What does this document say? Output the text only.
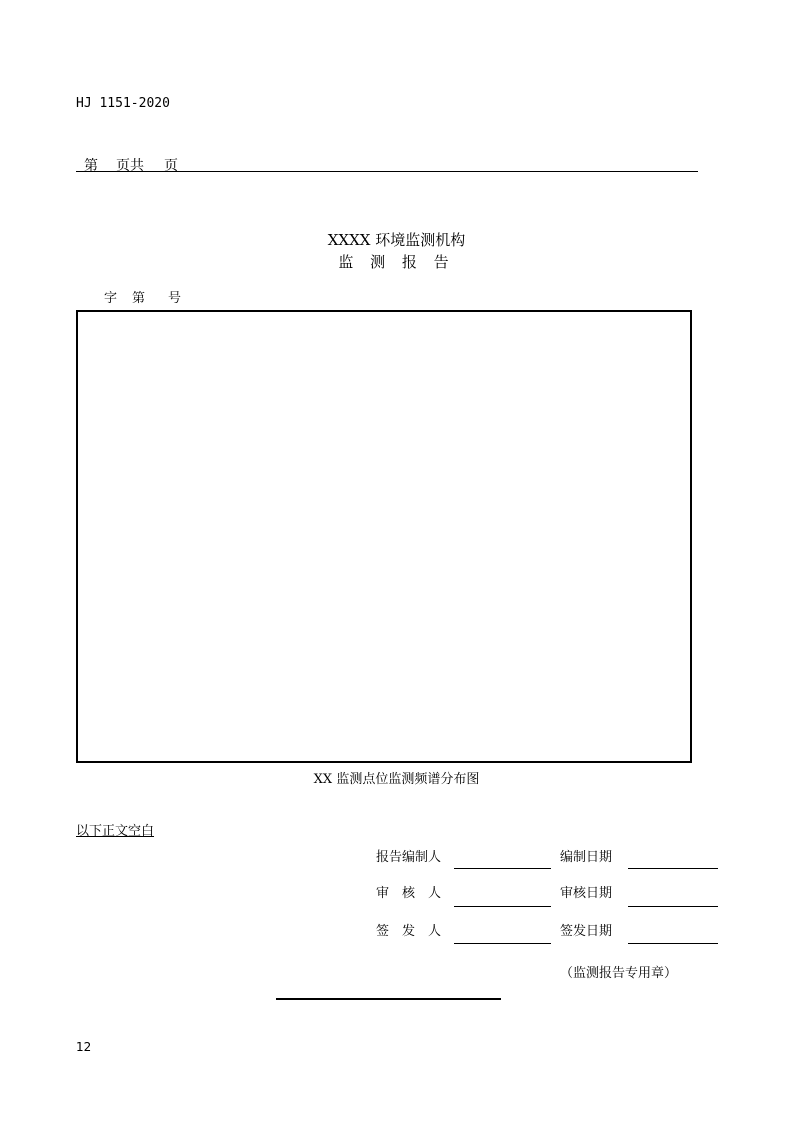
HJ 1151-2020
第 页共 页
XXXX 环境监测机构
监 测 报 告
字 第 号
XX 监测点位监测频谱分布图
以下正文空白
报告编制人	编制日期
审　核　人	审核日期
签　发　人	签发日期
（监测报告专用章）
12
